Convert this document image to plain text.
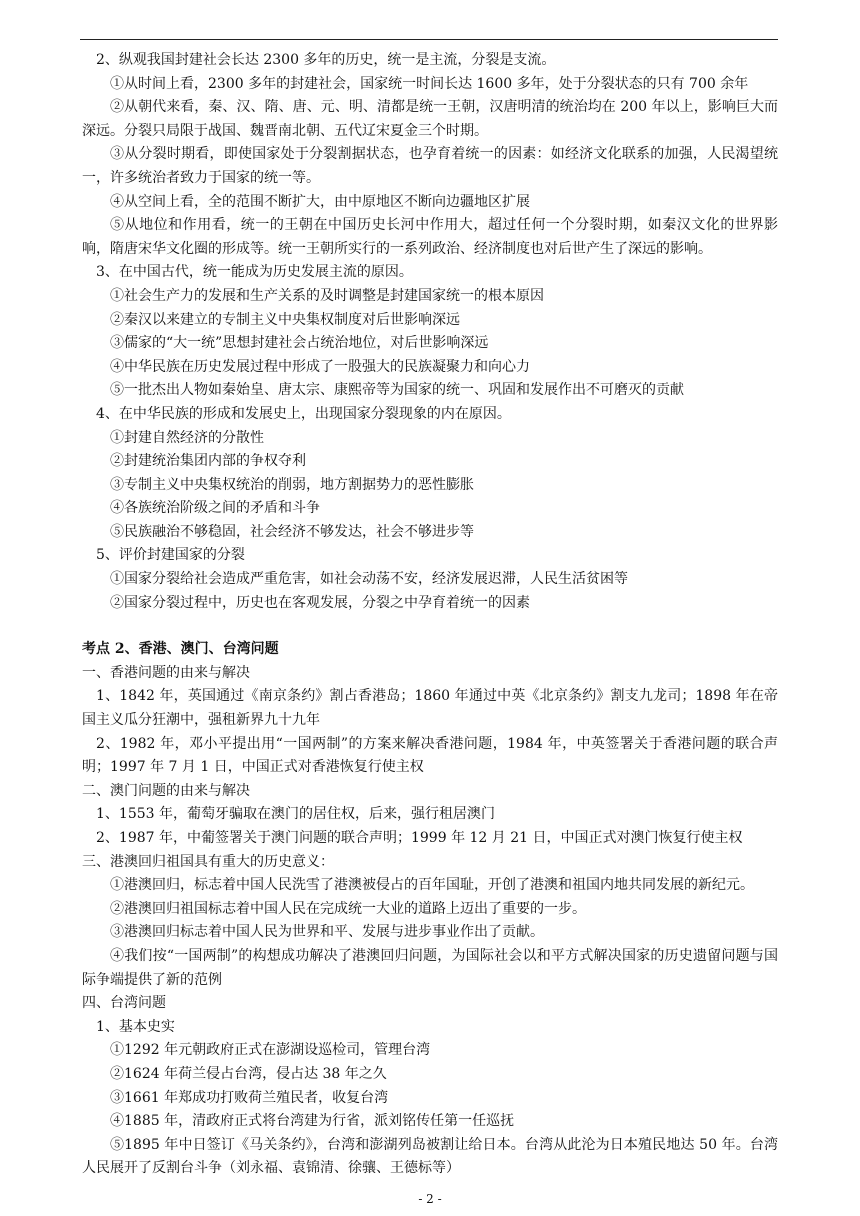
2、纵观我国封建社会长达 2300 多年的历史，统一是主流，分裂是支流。

①从时间上看，2300 多年的封建社会，国家统一时间长达 1600 多年，处于分裂状态的只有 700 余年

②从朝代来看，秦、汉、隋、唐、元、明、清都是统一王朝，汉唐明清的统治均在 200 年以上，影响巨大而深远。分裂只局限于战国、魏晋南北朝、五代辽宋夏金三个时期。

③从分裂时期看，即使国家处于分裂割据状态，也孕育着统一的因素：如经济文化联系的加强，人民渴望统一，许多统治者致力于国家的统一等。

④从空间上看，全的范围不断扩大，由中原地区不断向边疆地区扩展

⑤从地位和作用看，统一的王朝在中国历史长河中作用大，超过任何一个分裂时期，如秦汉文化的世界影响，隋唐宋华文化圈的形成等。统一王朝所实行的一系列政治、经济制度也对后世产生了深远的影响。

3、在中国古代，统一能成为历史发展主流的原因。

①社会生产力的发展和生产关系的及时调整是封建国家统一的根本原因

②秦汉以来建立的专制主义中央集权制度对后世影响深远

③儒家的“大一统”思想封建社会占统治地位，对后世影响深远

④中华民族在历史发展过程中形成了一股强大的民族凝聚力和向心力

⑤一批杰出人物如秦始皇、唐太宗、康熙帝等为国家的统一、巩固和发展作出不可磨灭的贡献

4、在中华民族的形成和发展史上，出现国家分裂现象的内在原因。

①封建自然经济的分散性

②封建统治集团内部的争权夺利

③专制主义中央集权统治的削弱，地方割据势力的恶性膨胀

④各族统治阶级之间的矛盾和斗争

⑤民族融治不够稳固，社会经济不够发达，社会不够进步等

5、评价封建国家的分裂

①国家分裂给社会造成严重危害，如社会动荡不安，经济发展迟滞，人民生活贫困等

②国家分裂过程中，历史也在客观发展，分裂之中孕育着统一的因素

考点 2、香港、澳门、台湾问题

一、香港问题的由来与解决

1、1842 年，英国通过《南京条约》割占香港岛；1860 年通过中英《北京条约》割支九龙司；1898 年在帝国主义瓜分狂潮中，强租新界九十九年

2、1982 年，邓小平提出用“一国两制”的方案来解决香港问题，1984 年，中英签署关于香港问题的联合声明；1997 年 7 月 1 日，中国正式对香港恢复行使主权

二、澳门问题的由来与解决

1、1553 年，葡萄牙骗取在澳门的居住权，后来，强行租居澳门

2、1987 年，中葡签署关于澳门问题的联合声明；1999 年 12 月 21 日，中国正式对澳门恢复行使主权

三、港澳回归祖国具有重大的历史意义：

①港澳回归，标志着中国人民洗雪了港澳被侵占的百年国耻，开创了港澳和祖国内地共同发展的新纪元。

②港澳回归祖国标志着中国人民在完成统一大业的道路上迈出了重要的一步。

③港澳回归标志着中国人民为世界和平、发展与进步事业作出了贡献。

④我们按“一国两制”的构想成功解决了港澳回归问题，为国际社会以和平方式解决国家的历史遗留问题与国际争端提供了新的范例

四、台湾问题

1、基本史实

①1292 年元朝政府正式在澎湖设巡检司，管理台湾

②1624 年荷兰侵占台湾，侵占达 38 年之久

③1661 年郑成功打败荷兰殖民者，收复台湾

④1885 年，清政府正式将台湾建为行省，派刘铭传任第一任巡抚

⑤1895 年中日签订《马关条约》，台湾和澎湖列岛被割让给日本。台湾从此沦为日本殖民地达 50 年。台湾人民展开了反割台斗争（刘永福、袁锦清、徐骧、王德标等）

- 2 -
